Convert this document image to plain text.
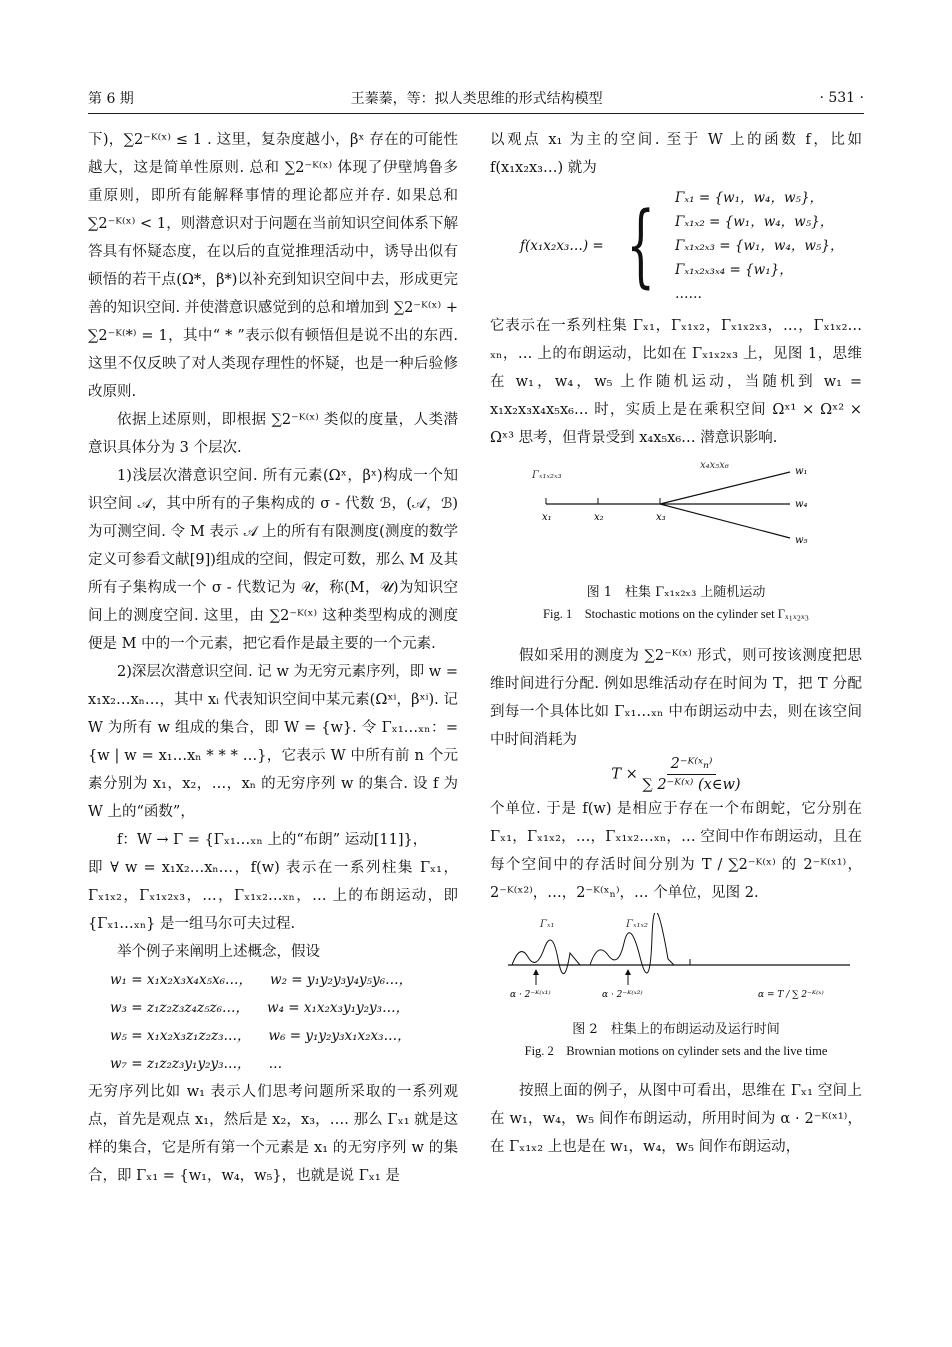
第 6 期	王蓁蓁，等：拟人类思维的形式结构模型	· 531 ·

下)，∑2⁻ᴷ⁽ˣ⁾ ≤ 1 . 这里，复杂度越小，βˣ 存在的可能性越大，这是简单性原则. 总和 ∑2⁻ᴷ⁽ˣ⁾ 体现了伊壁鸠鲁多重原则，即所有能解释事情的理论都应并存. 如果总和 ∑2⁻ᴷ⁽ˣ⁾ < 1，则潜意识对于问题在当前知识空间体系下解答具有怀疑态度，在以后的直觉推理活动中，诱导出似有顿悟的若干点(Ω*，β*)以补充到知识空间中去，形成更完善的知识空间. 并使潜意识感觉到的总和增加到 ∑2⁻ᴷ⁽ˣ⁾ + ∑2⁻ᴷ⁽*⁾ = 1，其中“ * ”表示似有顿悟但是说不出的东西. 这里不仅反映了对人类现存理性的怀疑，也是一种后验修改原则.

依据上述原则，即根据 ∑2⁻ᴷ⁽ˣ⁾ 类似的度量，人类潜意识具体分为 3 个层次.

1)浅层次潜意识空间. 所有元素(Ωˣ，βˣ)构成一个知识空间 𝒜，其中所有的子集构成的 σ - 代数 ℬ，(𝒜，ℬ)为可测空间. 令 M 表示 𝒜 上的所有有限测度(测度的数学定义可参看文献[9])组成的空间，假定可数，那么 M 及其所有子集构成一个 σ - 代数记为 𝒰，称(M，𝒰)为知识空间上的测度空间. 这里，由 ∑2⁻ᴷ⁽ˣ⁾ 这种类型构成的测度便是 M 中的一个元素，把它看作是最主要的一个元素.

2)深层次潜意识空间. 记 w 为无穷元素序列，即 w = x₁x₂…xₙ…，其中 xᵢ 代表知识空间中某元素(Ωˣⁱ，βˣⁱ). 记 W 为所有 w 组成的集合，即 W = {w}. 令 Γₓ₁…ₓₙ：= {w | w = x₁…xₙ * * * …}，它表示 W 中所有前 n 个元素分别为 x₁，x₂，…，xₙ 的无穷序列 w 的集合. 设 f 为 W 上的“函数”，

f：W → Γ = {Γₓ₁…ₓₙ 上的“布朗” 运动[11]}，

即 ∀ w = x₁x₂…xₙ…，f(w) 表示在一系列柱集 Γₓ₁，Γₓ₁ₓ₂，Γₓ₁ₓ₂ₓ₃，…，Γₓ₁ₓ₂…ₓₙ，… 上的布朗运动，即 {Γₓ₁…ₓₙ} 是一组马尔可夫过程.

举个例子来阐明上述概念，假设

w₁ = x₁x₂x₃x₄x₅x₆…， w₂ = y₁y₂y₃y₄y₅y₆…，
w₃ = z₁z₂z₃z₄z₅z₆…， w₄ = x₁x₂x₃y₁y₂y₃…，
w₅ = x₁x₂x₃z₁z₂z₃…， w₆ = y₁y₂y₃x₁x₂x₃…，
w₇ = z₁z₂z₃y₁y₂y₃…， …

无穷序列比如 w₁ 表示人们思考问题所采取的一系列观点，首先是观点 x₁，然后是 x₂，x₃，…. 那么 Γₓ₁ 就是这样的集合，它是所有第一个元素是 x₁ 的无穷序列 w 的集合，即 Γₓ₁ = {w₁，w₄，w₅}，也就是说 Γₓ₁ 是

以观点 x₁ 为主的空间. 至于 W 上的函数 f，比如 f(x₁x₂x₃…) 就为

f(x₁x₂x₃…) = { Γₓ₁ = {w₁，w₄，w₅}，
Γₓ₁ₓ₂ = {w₁，w₄，w₅}，
Γₓ₁ₓ₂ₓ₃ = {w₁，w₄，w₅}，
Γₓ₁ₓ₂ₓ₃ₓ₄ = {w₁}，
……

它表示在一系列柱集 Γₓ₁，Γₓ₁ₓ₂，Γₓ₁ₓ₂ₓ₃，…，Γₓ₁ₓ₂…ₓₙ，… 上的布朗运动，比如在 Γₓ₁ₓ₂ₓ₃ 上，见图 1，思维在 w₁，w₄，w₅ 上作随机运动，当随机到 w₁ = x₁x₂x₃x₄x₅x₆… 时，实质上是在乘积空间 Ωˣ¹ × Ωˣ² × Ωˣ³ 思考，但背景受到 x₄x₅x₆… 潜意识影响.

Γₓ₁ₓ₂ₓ₃
x₄x₅x₆
x₁	x₂	x₃
w₁
w₄
w₅
图 1　柱集 Γₓ₁ₓ₂ₓ₃ 上随机运动
Fig. 1　Stochastic motions on the cylinder set Γₓ₁ₓ₂ₓ₃

假如采用的测度为 ∑2⁻ᴷ⁽ˣ⁾ 形式，则可按该测度把思维时间进行分配. 例如思维活动存在时间为 T，把 T 分配到每一个具体比如 Γₓ₁…ₓₙ 中布朗运动中去，则在该空间中时间消耗为

$T \times \frac{\text{2⁻ᴷ⁽ˣₙ⁾}}{\text{∑ 2⁻ᴷ⁽ˣ⁾ (x∈w)}}$

个单位. 于是 f(w) 是相应于存在一个布朗蛇，它分别在 Γₓ₁，Γₓ₁ₓ₂，…，Γₓ₁ₓ₂…ₓₙ，… 空间中作布朗运动，且在每个空间中的存活时间分别为 T / ∑2⁻ᴷ⁽ˣ⁾ 的 2⁻ᴷ⁽ˣ¹⁾，2⁻ᴷ⁽ˣ²⁾，…，2⁻ᴷ⁽ˣₙ⁾，… 个单位，见图 2.

Γₓ₁	Γₓ₁ₓ₂
α · 2⁻ᴷ⁽ˣ¹⁾	α · 2⁻ᴷ⁽ˣ²⁾	α = T / ∑ 2⁻ᴷ⁽ˣ⁾
图 2　柱集上的布朗运动及运行时间
Fig. 2　Brownian motions on cylinder sets and the live time

按照上面的例子，从图中可看出，思维在 Γₓ₁ 空间上在 w₁，w₄，w₅ 间作布朗运动，所用时间为 α · 2⁻ᴷ⁽ˣ¹⁾，在 Γₓ₁ₓ₂ 上也是在 w₁，w₄，w₅ 间作布朗运动，
